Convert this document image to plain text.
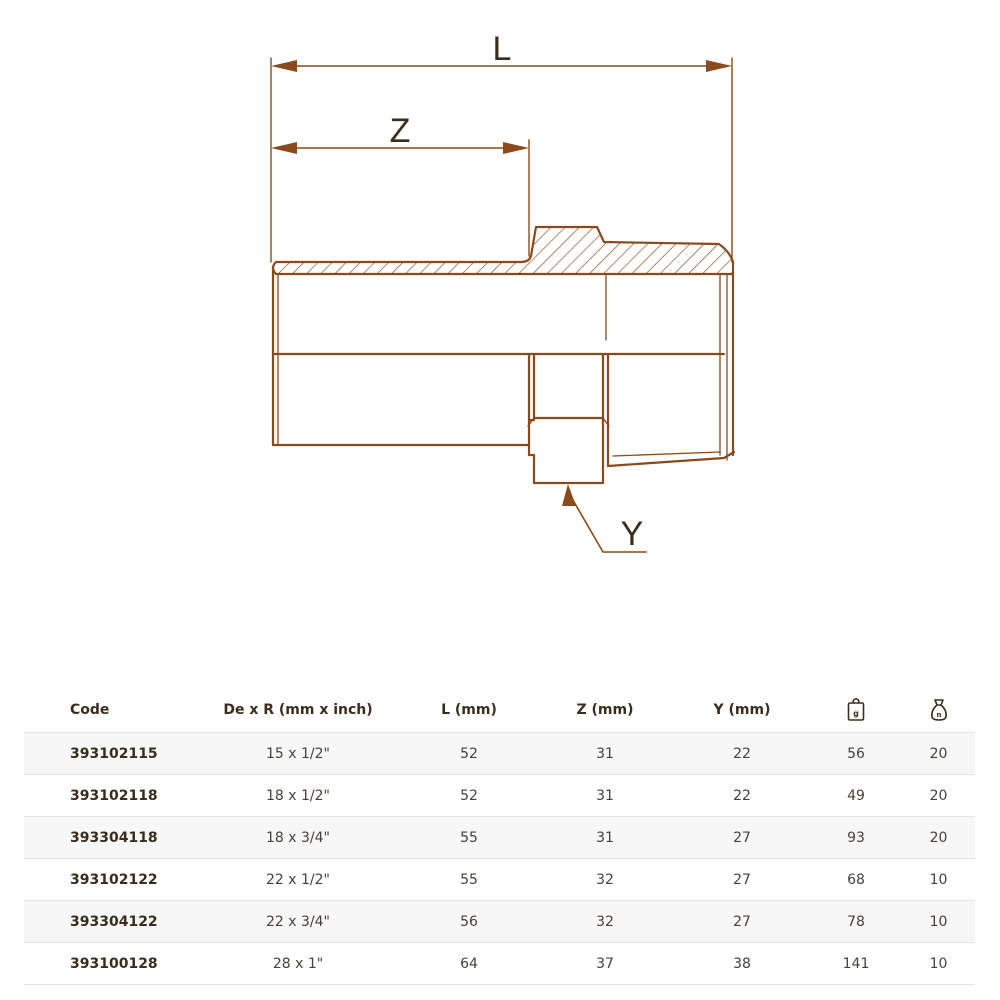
L
Z
Y
Code	De x R (mm x inch)	L (mm)	Z (mm)	Y (mm)	g	n

393102115	15 x 1/2"	52	31	22	56	20
393102118	18 x 1/2"	52	31	22	49	20
393304118	18 x 3/4"	55	31	27	93	20
393102122	22 x 1/2"	55	32	27	68	10
393304122	22 x 3/4"	56	32	27	78	10
393100128	28 x 1"	64	37	38	141	10
